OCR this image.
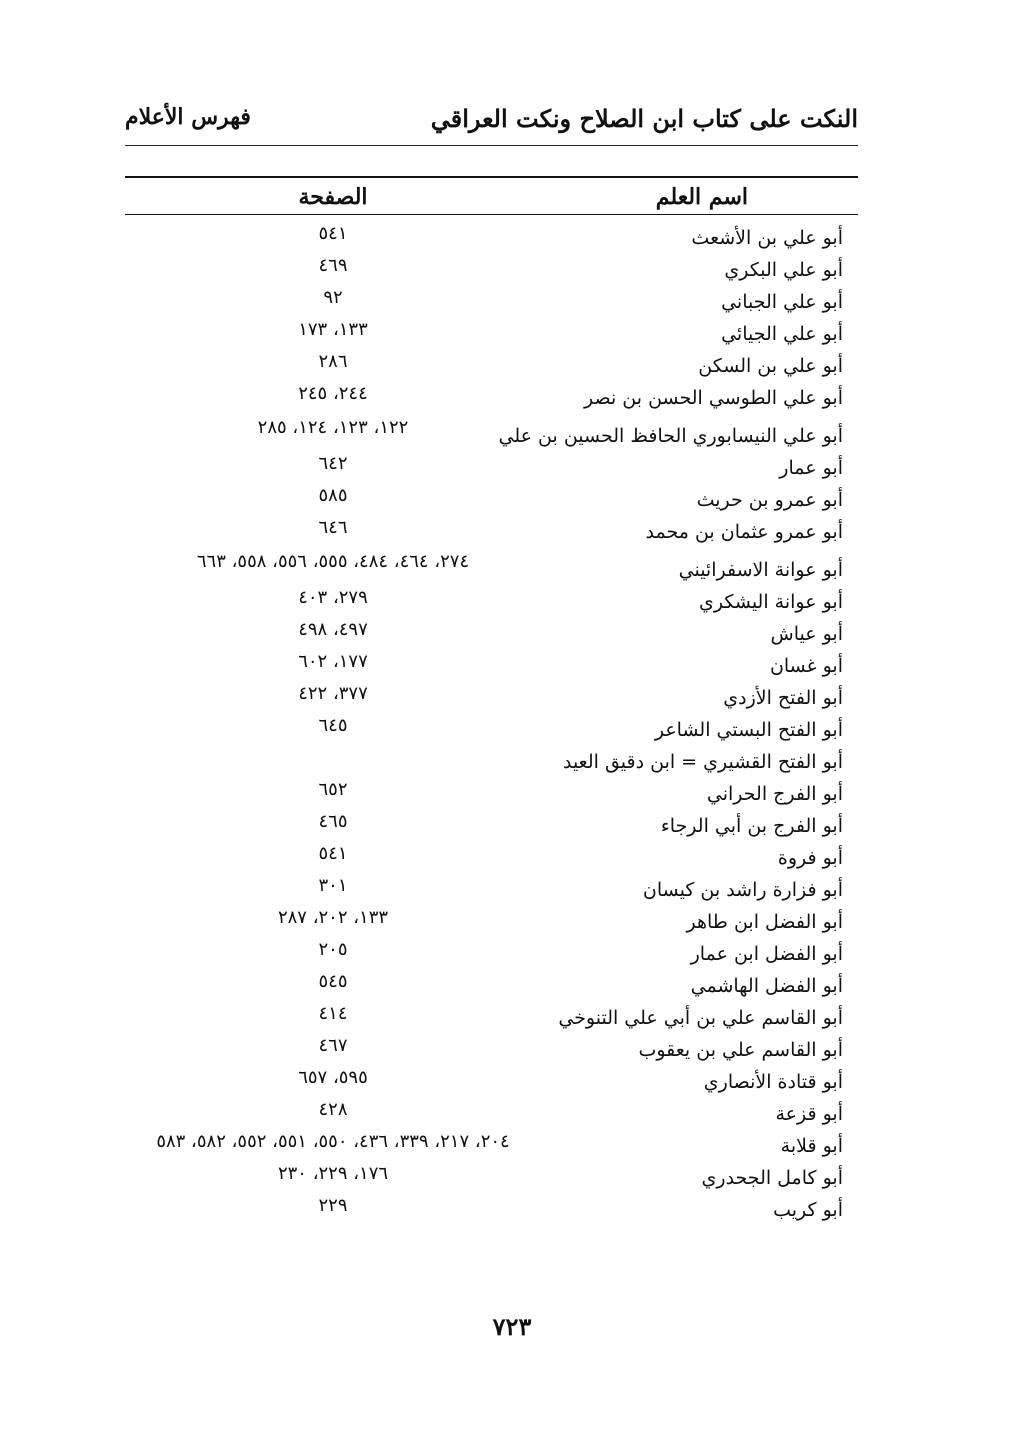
النكت على كتاب ابن الصلاح ونكت العراقي
فهرس الأعلام
اسم العلم
الصفحة
أبو علي بن الأشعث
٥٤١
أبو علي البكري
٤٦٩
أبو علي الجباني
٩٢
أبو علي الجيائي
١٣٣، ١٧٣
أبو علي بن السكن
٢٨٦
أبو علي الطوسي الحسن بن نصر
٢٤٤، ٢٤٥
أبو علي النيسابوري الحافظ الحسين بن علي
١٢٢، ١٢٣، ١٢٤، ٢٨٥
أبو عمار
٦٤٢
أبو عمرو بن حريث
٥٨٥
أبو عمرو عثمان بن محمد
٦٤٦
أبو عوانة الاسفرائيني
٢٧٤، ٤٦٤، ٤٨٤، ٥٥٥، ٥٥٦، ٥٥٨، ٦٦٣
أبو عوانة اليشكري
٢٧٩، ٤٠٣
أبو عياش
٤٩٧، ٤٩٨
أبو غسان
١٧٧، ٦٠٢
أبو الفتح الأزدي
٣٧٧، ٤٢٢
أبو الفتح البستي الشاعر
٦٤٥
أبو الفتح القشيري = ابن دقيق العيد
أبو الفرج الحراني
٦٥٢
أبو الفرج بن أبي الرجاء
٤٦٥
أبو فروة
٥٤١
أبو فزارة راشد بن كيسان
٣٠١
أبو الفضل ابن طاهر
١٣٣، ٢٠٢، ٢٨٧
أبو الفضل ابن عمار
٢٠٥
أبو الفضل الهاشمي
٥٤٥
أبو القاسم علي بن أبي علي التنوخي
٤١٤
أبو القاسم علي بن يعقوب
٤٦٧
أبو قتادة الأنصاري
٥٩٥، ٦٥٧
أبو قزعة
٤٢٨
أبو قلابة
٢٠٤، ٢١٧، ٣٣٩، ٤٣٦، ٥٥٠، ٥٥١، ٥٥٢، ٥٨٢، ٥٨٣
أبو كامل الجحدري
١٧٦، ٢٢٩، ٢٣٠
أبو كريب
٢٢٩
٧٢٣
